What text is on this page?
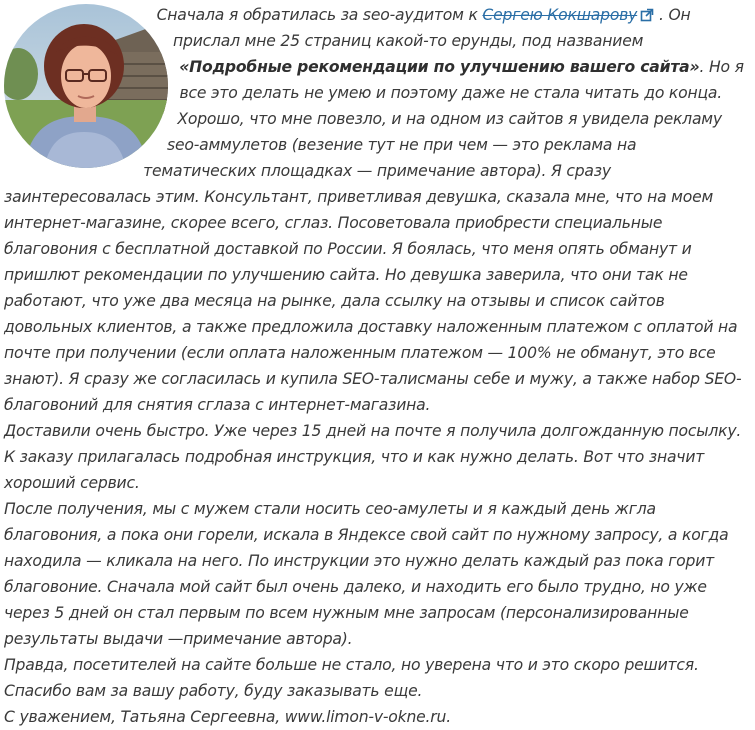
Сначала я обратилась за seo-аудитом к Сергею Кокшарову . Он прислал мне 25 страниц какой-то ерунды, под названием «Подробные рекомендации по улучшению вашего сайта». Но я все это делать не умею и поэтому даже не стала читать до конца. Хорошо, что мне повезло, и на одном из сайтов я увидела рекламу seo-аммулетов (везение тут не при чем — это реклама на тематических площадках — примечание автора). Я сразу заинтересовалась этим. Консультант, приветливая девушка, сказала мне, что на моем интернет-магазине, скорее всего, сглаз. Посоветовала приобрести специальные благовония с бесплатной доставкой по России. Я боялась, что меня опять обманут и пришлют рекомендации по улучшению сайта. Но девушка заверила, что они так не работают, что уже два месяца на рынке, дала ссылку на отзывы и список сайтов довольных клиентов, а также предложила доставку наложенным платежом с оплатой на почте при получении (если оплата наложенным платежом — 100% не обманут, это все знают). Я сразу же согласилась и купила SEO-талисманы себе и мужу, а также набор SEO-благовоний для снятия сглаза с интернет-магазина.

Доставили очень быстро. Уже через 15 дней на почте я получила долгожданную посылку. К заказу прилагалась подробная инструкция, что и как нужно делать. Вот что значит хороший сервис.

После получения, мы с мужем стали носить сео-амулеты и я каждый день жгла благовония, а пока они горели, искала в Яндексе свой сайт по нужному запросу, а когда находила — кликала на него. По инструкции это нужно делать каждый раз пока горит благовоние. Сначала мой сайт был очень далеко, и находить его было трудно, но уже через 5 дней он стал первым по всем нужным мне запросам (персонализированные результаты выдачи —примечание автора).

Правда, посетителей на сайте больше не стало, но уверена что и это скоро решится.

Спасибо вам за вашу работу, буду заказывать еще.

С уважением, Татьяна Сергеевна, www.limon-v-okne.ru.
